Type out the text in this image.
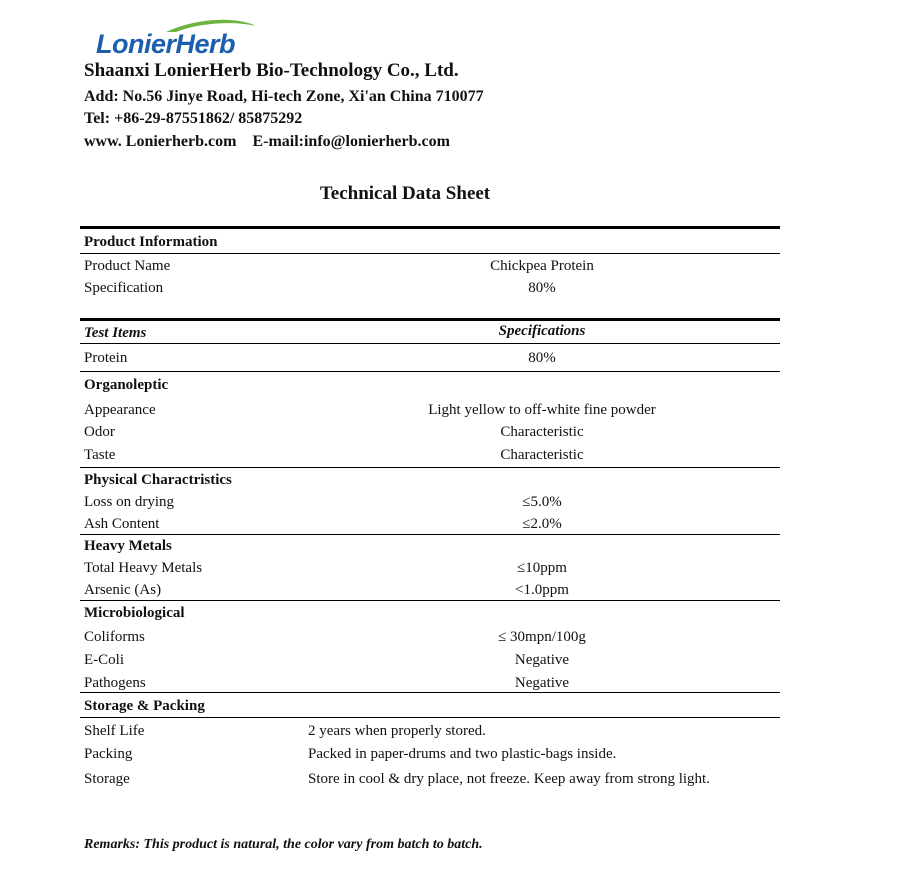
LonierHerb
Shaanxi LonierHerb Bio-Technology Co., Ltd.
Add: No.56 Jinye Road, Hi-tech Zone, Xi'an China 710077
Tel: +86-29-87551862/ 85875292
www. Lonierherb.com E-mail:info@lonierherb.com
Technical Data Sheet
Product Information
Product Name	Chickpea Protein
Specification	80%
Test Items	Specifications
Protein	80%
Organoleptic
Appearance	Light yellow to off-white fine powder
Odor	Characteristic
Taste	Characteristic
Physical Charactristics
Loss on drying	≤5.0%
Ash Content	≤2.0%
Heavy Metals
Total Heavy Metals	≤10ppm
Arsenic (As)	<1.0ppm
Microbiological
Coliforms	≤ 30mpn/100g
E-Coli	Negative
Pathogens	Negative
Storage & Packing
Shelf Life	2 years when properly stored.
Packing	Packed in paper-drums and two plastic-bags inside.
Storage	Store in cool & dry place, not freeze. Keep away from strong light.
Remarks: This product is natural, the color vary from batch to batch.
